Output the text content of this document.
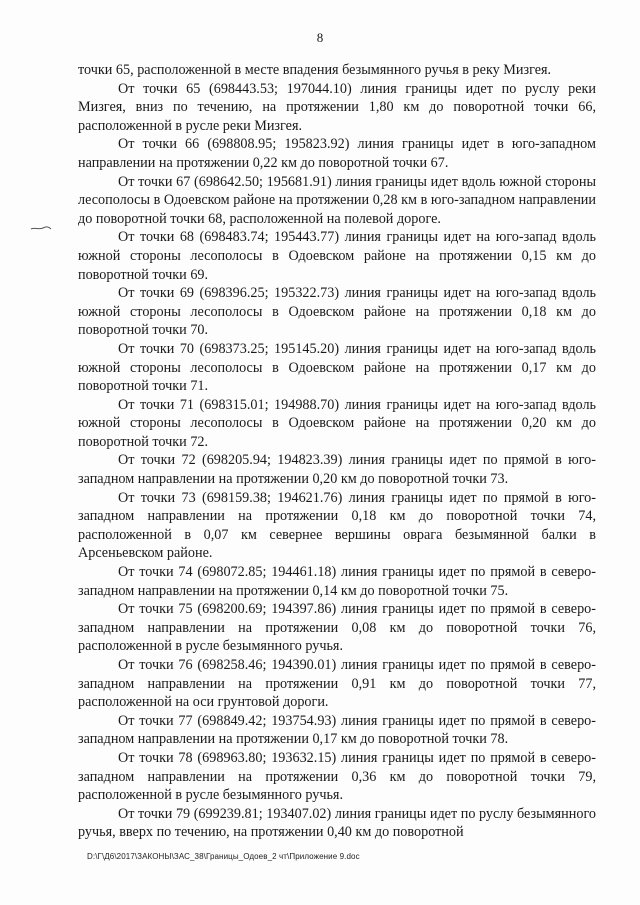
8

точки 65, расположенной в месте впадения безымянного ручья в реку Мизгея.

От точки 65 (698443.53; 197044.10) линия границы идет по руслу реки Мизгея, вниз по течению, на протяжении 1,80 км до поворотной точки 66, расположенной в русле реки Мизгея.

От точки 66 (698808.95; 195823.92) линия границы идет в юго-западном направлении на протяжении 0,22 км до поворотной точки 67.

От точки 67 (698642.50; 195681.91) линия границы идет вдоль южной стороны лесополосы в Одоевском районе на протяжении 0,28 км в юго-западном направлении до поворотной точки 68, расположенной на полевой дороге.

От точки 68 (698483.74; 195443.77) линия границы идет на юго-запад вдоль южной стороны лесополосы в Одоевском районе на протяжении 0,15 км до поворотной точки 69.

От точки 69 (698396.25; 195322.73) линия границы идет на юго-запад вдоль южной стороны лесополосы в Одоевском районе на протяжении 0,18 км до поворотной точки 70.

От точки 70 (698373.25; 195145.20) линия границы идет на юго-запад вдоль южной стороны лесополосы в Одоевском районе на протяжении 0,17 км до поворотной точки 71.

От точки 71 (698315.01; 194988.70) линия границы идет на юго-запад вдоль южной стороны лесополосы в Одоевском районе на протяжении 0,20 км до поворотной точки 72.

От точки 72 (698205.94; 194823.39) линия границы идет по прямой в юго-западном направлении на протяжении 0,20 км до поворотной точки 73.

От точки 73 (698159.38; 194621.76) линия границы идет по прямой в юго-западном направлении на протяжении 0,18 км до поворотной точки 74, расположенной в 0,07 км севернее вершины оврага безымянной балки в Арсеньевском районе.

От точки 74 (698072.85; 194461.18) линия границы идет по прямой в северо-западном направлении на протяжении 0,14 км до поворотной точки 75.

От точки 75 (698200.69; 194397.86) линия границы идет по прямой в северо-западном направлении на протяжении 0,08 км до поворотной точки 76, расположенной в русле безымянного ручья.

От точки 76 (698258.46; 194390.01) линия границы идет по прямой в северо-западном направлении на протяжении 0,91 км до поворотной точки 77, расположенной на оси грунтовой дороги.

От точки 77 (698849.42; 193754.93) линия границы идет по прямой в северо-западном направлении на протяжении 0,17 км до поворотной точки 78.

От точки 78 (698963.80; 193632.15) линия границы идет по прямой в северо-западном направлении на протяжении 0,36 км до поворотной точки 79, расположенной в русле безымянного ручья.

От точки 79 (699239.81; 193407.02) линия границы идет по руслу безымянного ручья, вверх по течению, на протяжении 0,40 км до поворотной

D:\Г\Д6\2017\ЗАКОНЫ\ЗАС_38\Границы_Одоев_2 чт\Приложение 9.doc
